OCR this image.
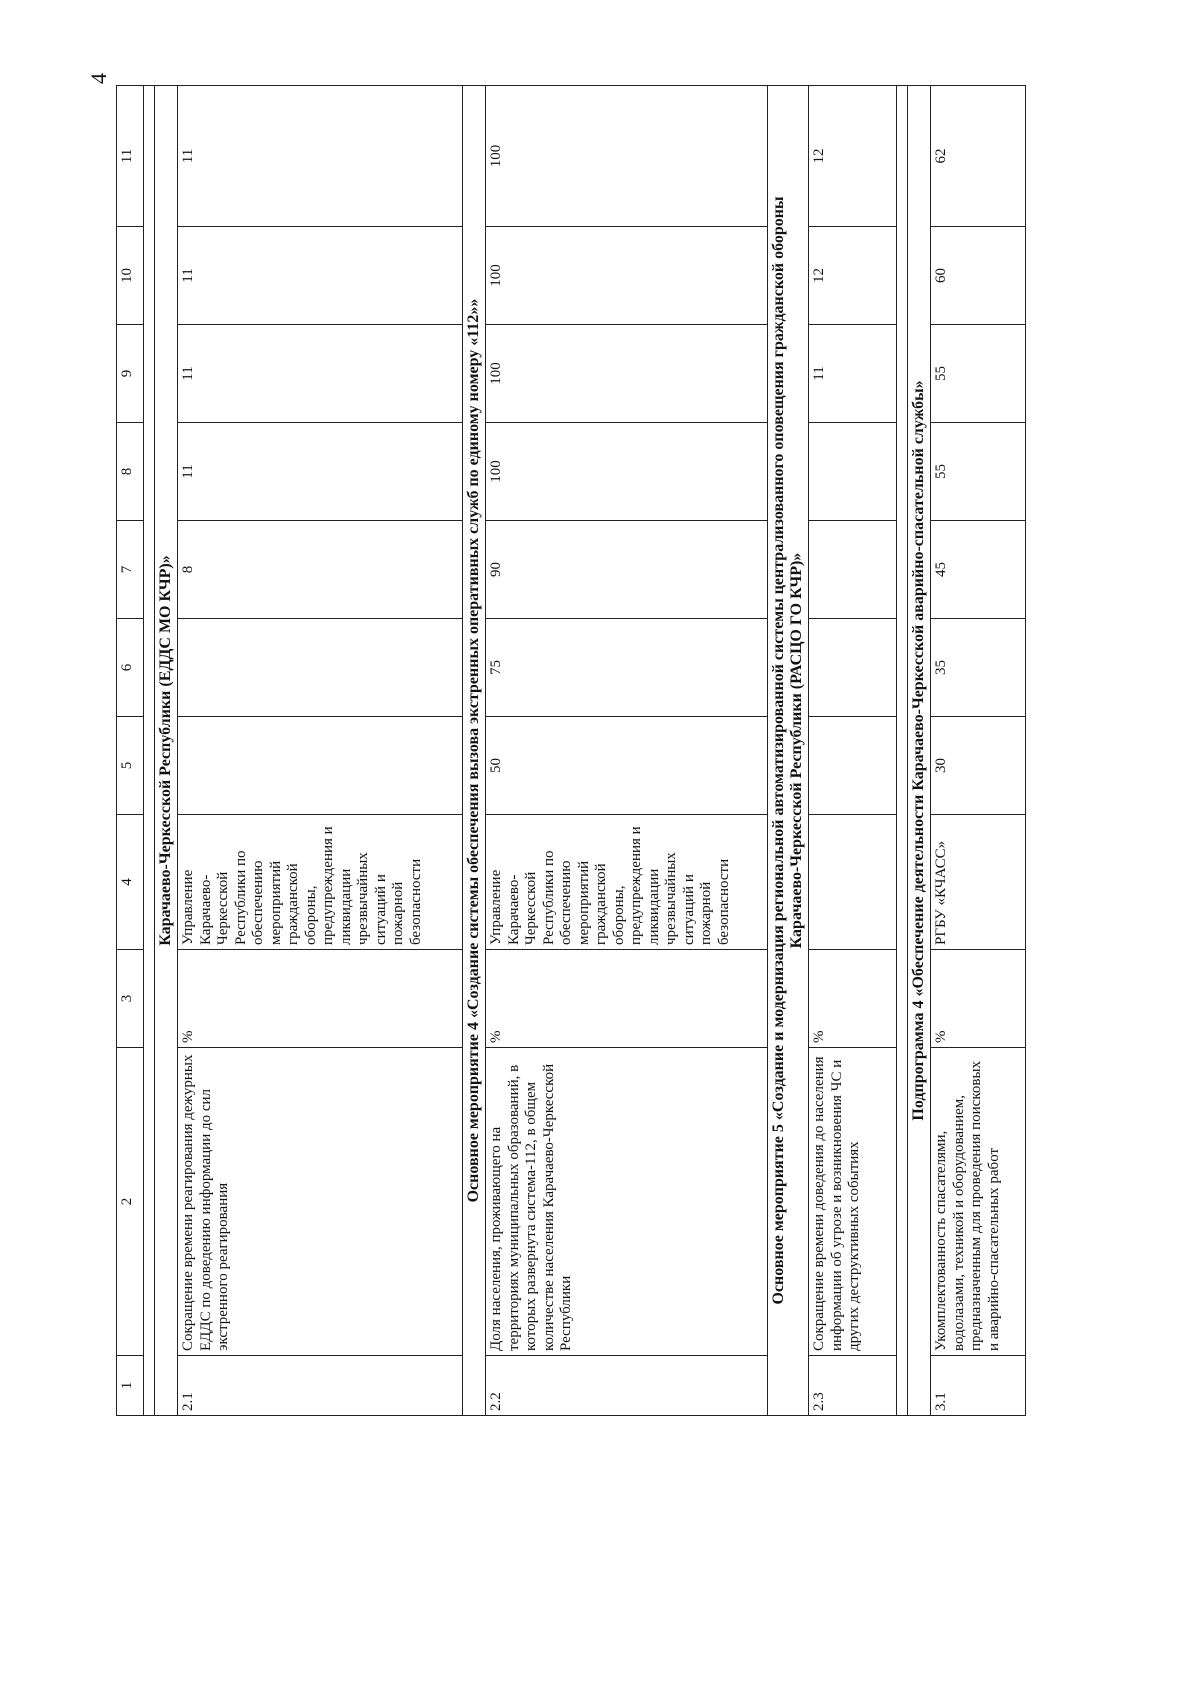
4
1	2	3	4	5	6	7	8	9	10	11

Карачаево-Черкесской Республики (ЕДДС МО КЧР)»										
2.1	Сокращение времени реагирования дежурных ЕДДС по доведению информации до сил экстренного реагирования	%	Управление Карачаево-Черкесской Республики по обеспечению мероприятий гражданской обороны, предупреждения и ликвидации чрезвычайных ситуаций и пожарной безопасности			8	11	11	11	11
Основное мероприятие 4 «Создание системы обеспечения вызова экстренных оперативных служб по единому номеру «112»»										
2.2	Доля населения, проживающего на территориях муниципальных образований, в которых развернута система-112, в общем количестве населения Карачаево-Черкесской Республики	%	Управление Карачаево-Черкесской Республики по обеспечению мероприятий гражданской обороны, предупреждения и ликвидации чрезвычайных ситуаций и пожарной безопасности	50	75	90	100	100	100	100

Основное мероприятие 5 «Создание и модернизация региональной автоматизированной системы централизованного оповещения гражданской обороны Карачаево-Черкесской Республики (РАСЦО ГО КЧР)»										

2.3	Сокращение времени доведения до населения информации об угрозе и возникновения ЧС и других деструктивных событиях	%						11	12	12

Подпрограмма 4 «Обеспечение деятельности Карачаево-Черкесской аварийно-спасательной службы»										
3.1	Укомплектованность спасателями, водолазами, техникой и оборудованием, предназначенным для проведения поисковых и аварийно-спасательных работ	%	РГБУ «КЧАСС»	30	35	45	55	55	60	62
